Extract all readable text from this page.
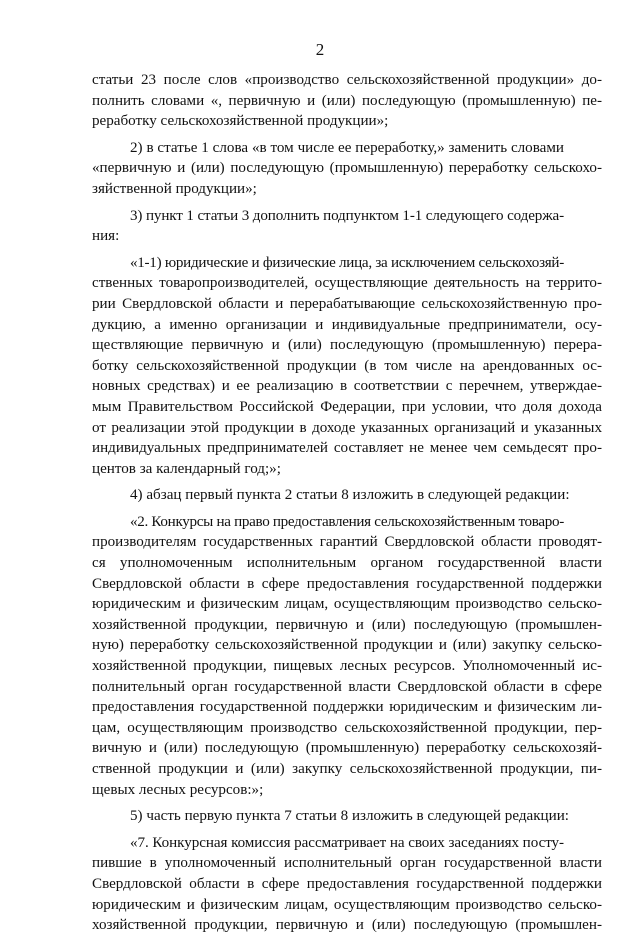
2

статьи 23 после слов «производство сельскохозяйственной продукции» до-
полнить словами «, первичную и (или) последующую (промышленную) пе-
реработку сельскохозяйственной продукции»;

2) в статье 1 слова «в том числе ее переработку,» заменить словами
«первичную и (или) последующую (промышленную) переработку сельскохо-
зяйственной продукции»;

3) пункт 1 статьи 3 дополнить подпунктом 1-1 следующего содержа-
ния:

«1-1) юридические и физические лица, за исключением сельскохозяй-
ственных товаропроизводителей, осуществляющие деятельность на террито-
рии Свердловской области и перерабатывающие сельскохозяйственную про-
дукцию, а именно организации и индивидуальные предприниматели, осу-
ществляющие первичную и (или) последующую (промышленную) перера-
ботку сельскохозяйственной продукции (в том числе на арендованных ос-
новных средствах) и ее реализацию в соответствии с перечнем, утверждае-
мым Правительством Российской Федерации, при условии, что доля дохода
от реализации этой продукции в доходе указанных организаций и указанных
индивидуальных предпринимателей составляет не менее чем семьдесят про-
центов за календарный год;»;

4) абзац первый пункта 2 статьи 8 изложить в следующей редакции:

«2. Конкурсы на право предоставления сельскохозяйственным товаро-
производителям государственных гарантий Свердловской области проводят-
ся уполномоченным исполнительным органом государственной власти
Свердловской области в сфере предоставления государственной поддержки
юридическим и физическим лицам, осуществляющим производство сельско-
хозяйственной продукции, первичную и (или) последующую (промышлен-
ную) переработку сельскохозяйственной продукции и (или) закупку сельско-
хозяйственной продукции, пищевых лесных ресурсов. Уполномоченный ис-
полнительный орган государственной власти Свердловской области в сфере
предоставления государственной поддержки юридическим и физическим ли-
цам, осуществляющим производство сельскохозяйственной продукции, пер-
вичную и (или) последующую (промышленную) переработку сельскохозяй-
ственной продукции и (или) закупку сельскохозяйственной продукции, пи-
щевых лесных ресурсов:»;

5) часть первую пункта 7 статьи 8 изложить в следующей редакции:

«7. Конкурсная комиссия рассматривает на своих заседаниях посту-
пившие в уполномоченный исполнительный орган государственной власти
Свердловской области в сфере предоставления государственной поддержки
юридическим и физическим лицам, осуществляющим производство сельско-
хозяйственной продукции, первичную и (или) последующую (промышлен-
